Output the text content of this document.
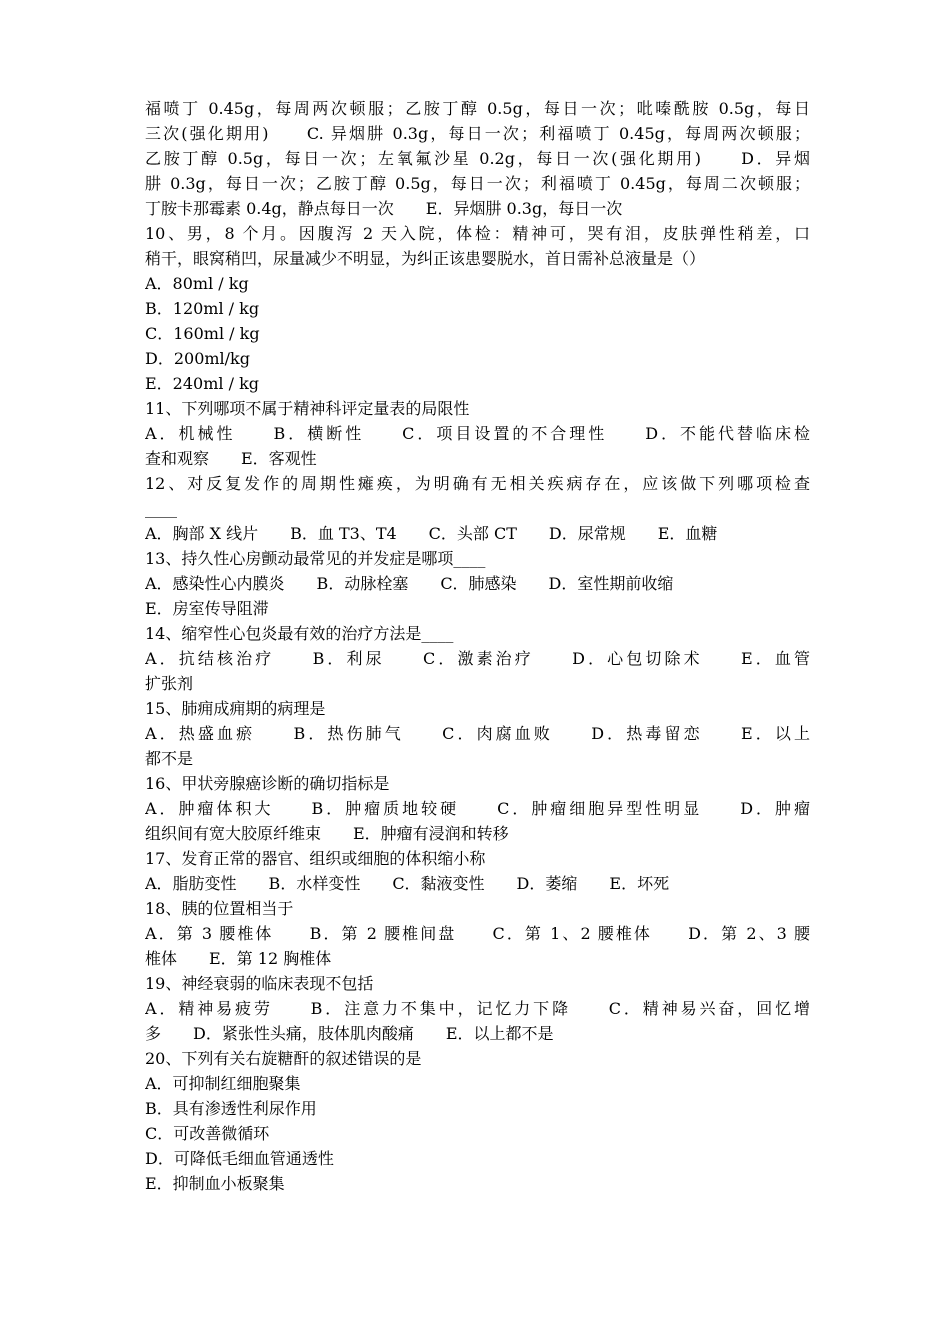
福喷丁 0.45g，每周两次顿服；乙胺丁醇 0.5g，每日一次；吡嗪酰胺 0.5g，每日
三次(强化期用)　　C. 异烟肼 0.3g，每日一次；利福喷丁 0.45g，每周两次顿服；
乙胺丁醇 0.5g，每日一次；左氧氟沙星 0.2g，每日一次(强化期用)　　D．异烟
肼 0.3g，每日一次；乙胺丁醇 0.5g，每日一次；利福喷丁 0.45g，每周二次顿服；
丁胺卡那霉素 0.4g，静点每日一次　　E．异烟肼 0.3g，每日一次
10、男，8 个月。因腹泻 2 天入院，体检：精神可，哭有泪，皮肤弹性稍差，口
稍干，眼窝稍凹，尿量减少不明显，为纠正该患婴脱水，首日需补总液量是（）
A．80ml / kg
B．120ml / kg
C．160ml / kg
D．200ml/kg
E．240ml / kg
11、下列哪项不属于精神科评定量表的局限性
A．机械性　　B．横断性　　C．项目设置的不合理性　　D．不能代替临床检
查和观察　　E．客观性
12、对反复发作的周期性瘫痪，为明确有无相关疾病存在，应该做下列哪项检查
____
A．胸部 X 线片　　B．血 T3、T4　　C．头部 CT　　D．尿常规　　E．血糖
13、持久性心房颤动最常见的并发症是哪项____
A．感染性心内膜炎　　B．动脉栓塞　　C．肺感染　　D．室性期前收缩
E．房室传导阻滞
14、缩窄性心包炎最有效的治疗方法是____
A．抗结核治疗　　B．利尿　　C．激素治疗　　D．心包切除术　　E．血管
扩张剂
15、肺痈成痈期的病理是
A．热盛血瘀　　B．热伤肺气　　C．肉腐血败　　D．热毒留恋　　E．以上
都不是
16、甲状旁腺癌诊断的确切指标是
A．肿瘤体积大　　B．肿瘤质地较硬　　C．肿瘤细胞异型性明显　　D．肿瘤
组织间有宽大胶原纤维束　　E．肿瘤有浸润和转移
17、发育正常的器官、组织或细胞的体积缩小称
A．脂肪变性　　B．水样变性　　C．黏液变性　　D．萎缩　　E．坏死
18、胰的位置相当于
A．第 3 腰椎体　　B．第 2 腰椎间盘　　C．第 1、2 腰椎体　　D．第 2、3 腰
椎体　　E．第 12 胸椎体
19、神经衰弱的临床表现不包括
A．精神易疲劳　　B．注意力不集中，记忆力下降　　C．精神易兴奋，回忆增
多　　D．紧张性头痛，肢体肌肉酸痛　　E．以上都不是
20、下列有关右旋糖酐的叙述错误的是
A．可抑制红细胞聚集
B．具有渗透性利尿作用
C．可改善微循环
D．可降低毛细血管通透性
E．抑制血小板聚集
